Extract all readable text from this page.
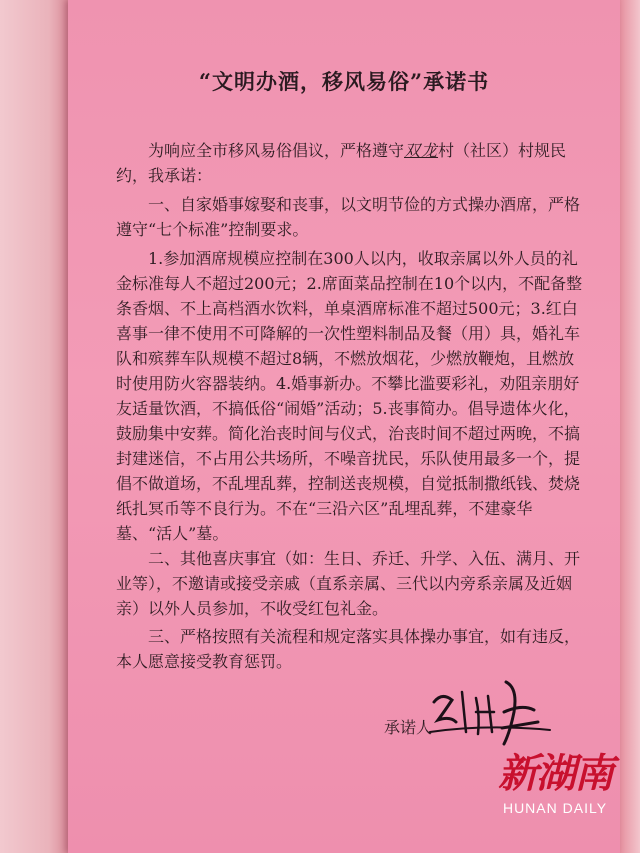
“文明办酒，移风易俗”承诺书
为响应全市移风易俗倡议，严格遵守双龙村（社区）村规民约，我承诺：
一、自家婚事嫁娶和丧事，以文明节俭的方式操办酒席，严格遵守“七个标准”控制要求。
1.参加酒席规模应控制在300人以内，收取亲属以外人员的礼金标准每人不超过200元；2.席面菜品控制在10个以内，不配备整条香烟、不上高档酒水饮料，单桌酒席标准不超过500元；3.红白喜事一律不使用不可降解的一次性塑料制品及餐（用）具，婚礼车队和殡葬车队规模不超过8辆，不燃放烟花，少燃放鞭炮，且燃放时使用防火容器装纳。4.婚事新办。不攀比滥要彩礼，劝阻亲朋好友适量饮酒，不搞低俗“闹婚”活动；5.丧事简办。倡导遗体火化，鼓励集中安葬。简化治丧时间与仪式，治丧时间不超过两晚，不搞封建迷信，不占用公共场所，不噪音扰民，乐队使用最多一个，提倡不做道场，不乱埋乱葬，控制送丧规模，自觉抵制撒纸钱、焚烧纸扎冥币等不良行为。不在“三沿六区”乱埋乱葬，不建豪华墓、“活人”墓。
二、其他喜庆事宜（如：生日、乔迁、升学、入伍、满月、开业等），不邀请或接受亲戚（直系亲属、三代以内旁系亲属及近姻亲）以外人员参加，不收受红包礼金。
三、严格按照有关流程和规定落实具体操办事宜，如有违反，本人愿意接受教育惩罚。
承诺人
新湖南
HUNAN DAILY
